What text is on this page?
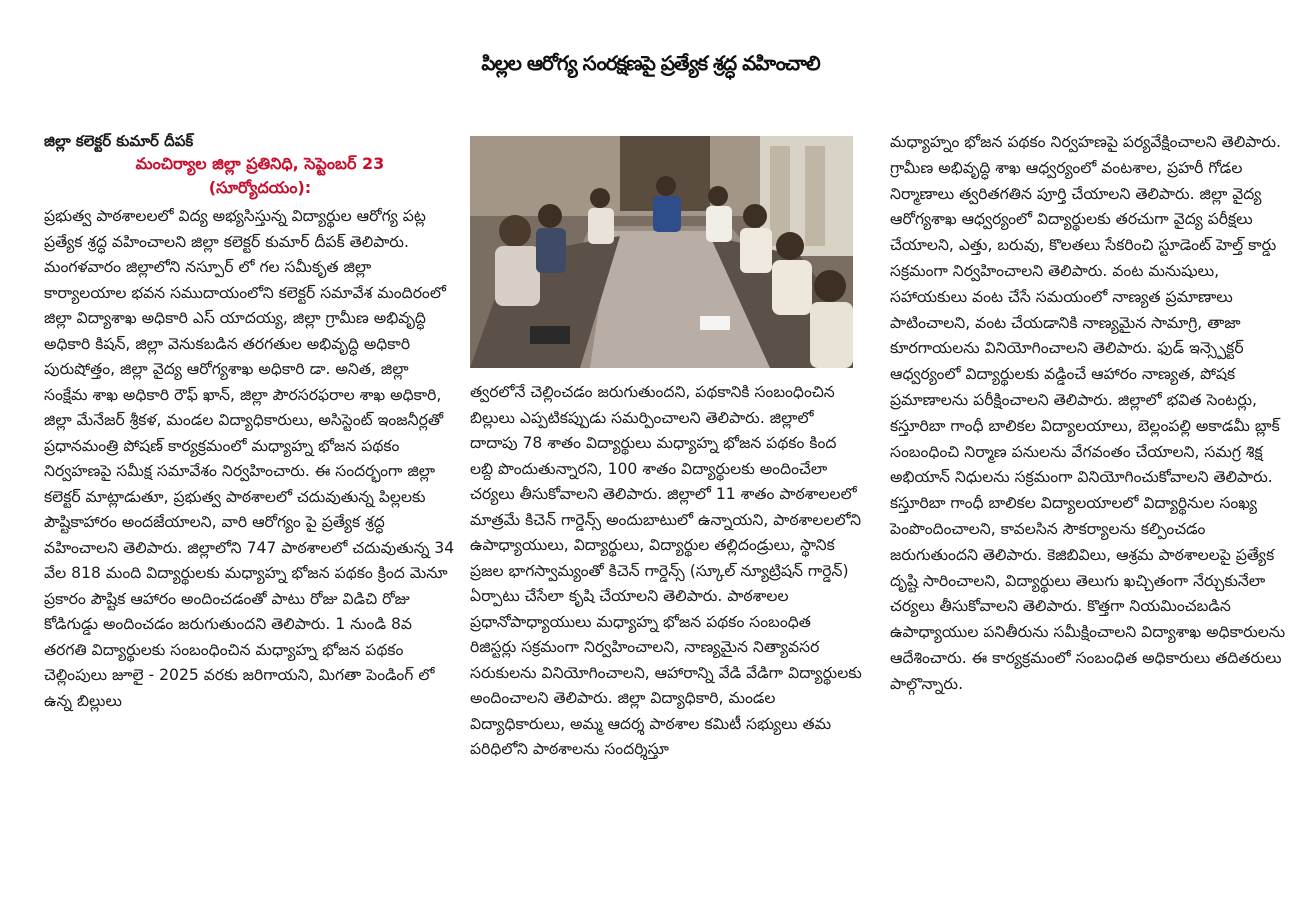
పిల్లల ఆరోగ్య సంరక్షణపై ప్రత్యేక శ్రద్ధ వహించాలి

జిల్లా కలెక్టర్ కుమార్ దీపక్

మంచిర్యాల జిల్లా ప్రతినిధి, సెప్టెంబర్ 23 (సూర్యోదయం):

ప్రభుత్వ పాఠశాలలలో విద్య అభ్యసిస్తున్న విద్యార్థుల ఆరోగ్య పట్ల ప్రత్యేక శ్రద్ధ వహించాలని జిల్లా కలెక్టర్ కుమార్ దీపక్ తెలిపారు. మంగళవారం జిల్లాలోని నస్పూర్ లో గల సమీకృత జిల్లా కార్యాలయాల భవన సముదాయంలోని కలెక్టర్ సమావేశ మందిరంలో జిల్లా విద్యాశాఖ అధికారి ఎస్ యాదయ్య, జిల్లా గ్రామీణ అభివృద్ధి అధికారి కిషన్, జిల్లా వెనుకబడిన తరగతుల అభివృద్ధి అధికారి పురుషోత్తం, జిల్లా వైద్య ఆరోగ్యశాఖ అధికారి డా. అనిత, జిల్లా సంక్షేమ శాఖ అధికారి రౌఫ్ ఖాన్, జిల్లా పౌరసరఫరాల శాఖ అధికారి, జిల్లా మేనేజర్ శ్రీకళ, మండల విద్యాధికారులు, అసిస్టెంట్ ఇంజనీర్లతో ప్రధానమంత్రి పోషణ్ కార్యక్రమంలో మధ్యాహ్న భోజన పథకం నిర్వహణపై సమీక్ష సమావేశం నిర్వహించారు. ఈ సందర్భంగా జిల్లా కలెక్టర్ మాట్లాడుతూ, ప్రభుత్వ పాఠశాలలో చదువుతున్న పిల్లలకు పౌష్టికాహారం అందజేయాలని, వారి ఆరోగ్యం పై ప్రత్యేక శ్రద్ధ వహించాలని తెలిపారు. జిల్లాలోని 747 పాఠశాలలో చదువుతున్న 34 వేల 818 మంది విద్యార్థులకు మధ్యాహ్న భోజన పథకం క్రింద మెనూ ప్రకారం పౌష్టిక ఆహారం అందించడంతో పాటు రోజు విడిచి రోజు కోడిగుడ్డు అందించడం జరుగుతుందని తెలిపారు. 1 నుండి 8వ తరగతి విద్యార్థులకు సంబంధించిన మధ్యాహ్న భోజన పథకం చెల్లింపులు జూలై - 2025 వరకు జరిగాయని, మిగతా పెండింగ్ లో ఉన్న బిల్లులు

త్వరలోనే చెల్లించడం జరుగుతుందని, పథకానికి సంబంధించిన బిల్లులు ఎప్పటికప్పుడు సమర్పించాలని తెలిపారు. జిల్లాలో దాదాపు 78 శాతం విద్యార్థులు మధ్యాహ్న భోజన పథకం కింద లబ్ది పొందుతున్నారని, 100 శాతం విద్యార్థులకు అందించేలా చర్యలు తీసుకోవాలని తెలిపారు. జిల్లాలో 11 శాతం పాఠశాలలలో మాత్రమే కిచెన్ గార్డెన్స్ అందుబాటులో ఉన్నాయని, పాఠశాలలలోని ఉపాధ్యాయులు, విద్యార్థులు, విద్యార్థుల తల్లిదండ్రులు, స్థానిక ప్రజల భాగస్వామ్యంతో కిచెన్ గార్డెన్స్ (స్కూల్ న్యూట్రిషన్ గార్డెన్) ఏర్పాటు చేసేలా కృషి చేయాలని తెలిపారు. పాఠశాలల ప్రధానోపాధ్యాయులు మధ్యాహ్న భోజన పథకం సంబంధిత రిజిస్టర్లు సక్రమంగా నిర్వహించాలని, నాణ్యమైన నిత్యావసర సరుకులను వినియోగించాలని, ఆహారాన్ని వేడి వేడిగా విద్యార్థులకు అందించాలని తెలిపారు. జిల్లా విద్యాధికారి, మండల విద్యాధికారులు, అమ్మ ఆదర్శ పాఠశాల కమిటీ సభ్యులు తమ పరిధిలోని పాఠశాలను సందర్శిస్తూ

మధ్యాహ్నం భోజన పథకం నిర్వహణపై పర్యవేక్షించాలని తెలిపారు. గ్రామీణ అభివృద్ధి శాఖ ఆధ్వర్యంలో వంటశాల, ప్రహరీ గోడల నిర్మాణాలు త్వరితగతిన పూర్తి చేయాలని తెలిపారు. జిల్లా వైద్య ఆరోగ్యశాఖ ఆధ్వర్యంలో విద్యార్థులకు తరచుగా వైద్య పరీక్షలు చేయాలని, ఎత్తు, బరువు, కొలతలు సేకరించి స్టూడెంట్ హెల్త్ కార్డు సక్రమంగా నిర్వహించాలని తెలిపారు. వంట మనుషులు, సహాయకులు వంట చేసే సమయంలో నాణ్యత ప్రమాణాలు పాటించాలని, వంట చేయడానికి నాణ్యమైన సామాగ్రి, తాజా కూరగాయలను వినియోగించాలని తెలిపారు. ఫుడ్ ఇన్స్పెక్టర్ ఆధ్వర్యంలో విద్యార్థులకు వడ్డించే ఆహారం నాణ్యత, పోషక ప్రమాణాలను పరీక్షించాలని తెలిపారు. జిల్లాలో భవిత సెంటర్లు, కస్తూరిబా గాంధీ బాలికల విద్యాలయాలు, బెల్లంపల్లి అకాడమీ బ్లాక్ సంబంధించి నిర్మాణ పనులను వేగవంతం చేయాలని, సమగ్ర శిక్ష అభియాన్ నిధులను సక్రమంగా వినియోగించుకోవాలని తెలిపారు. కస్తూరిబా గాంధీ బాలికల విద్యాలయాలలో విద్యార్థినుల సంఖ్య పెంపొందించాలని, కావలసిన సౌకర్యాలను కల్పించడం జరుగుతుందని తెలిపారు. కెజిబివిలు, ఆశ్రమ పాఠశాలలపై ప్రత్యేక దృష్టి సారించాలని, విద్యార్థులు తెలుగు ఖచ్చితంగా నేర్చుకునేలా చర్యలు తీసుకోవాలని తెలిపారు. కొత్తగా నియమించబడిన ఉపాధ్యాయుల పనితీరును సమీక్షించాలని విద్యాశాఖ అధికారులను ఆదేశించారు. ఈ కార్యక్రమంలో సంబంధిత అధికారులు తదితరులు పాల్గొన్నారు.
